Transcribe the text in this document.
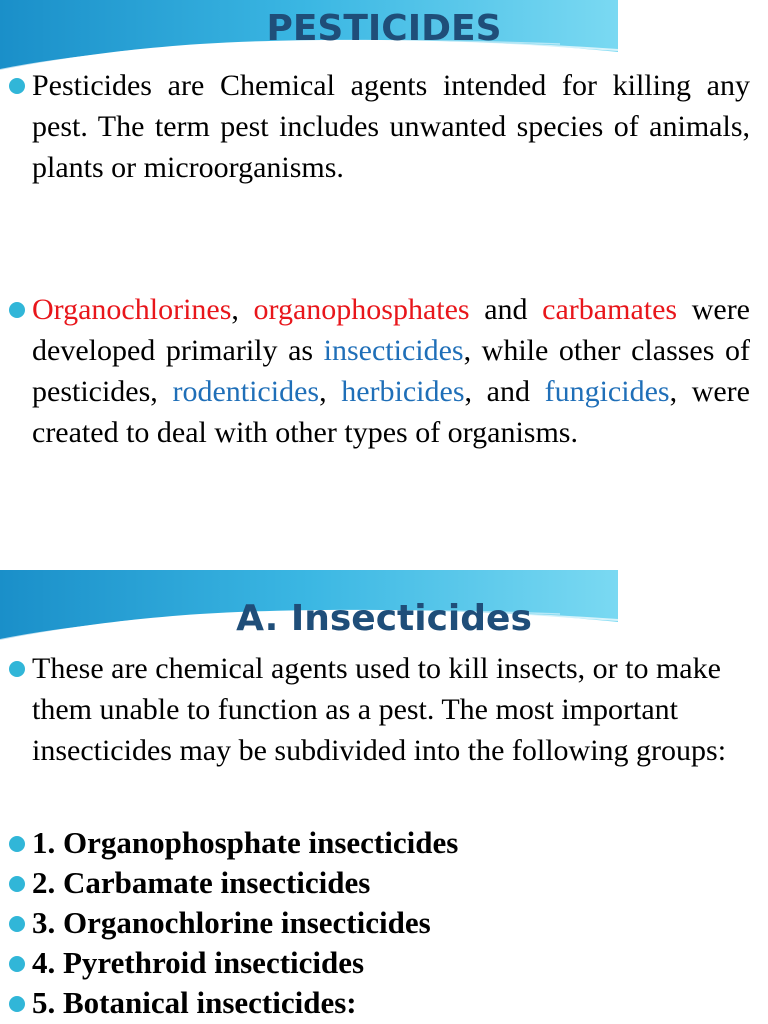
PESTICIDES
Pesticides are Chemical agents intended for killing any pest. The term pest includes unwanted species of animals, plants or microorganisms.
Organochlorines, organophosphates and carbamates were developed primarily as insecticides, while other classes of pesticides, rodenticides, herbicides, and fungicides, were created to deal with other types of organisms.
A. Insecticides
These are chemical agents used to kill insects, or to make them unable to function as a pest. The most important insecticides may be subdivided into the following groups:
1. Organophosphate insecticides
2. Carbamate insecticides
3. Organochlorine insecticides
4. Pyrethroid insecticides
5. Botanical insecticides:
